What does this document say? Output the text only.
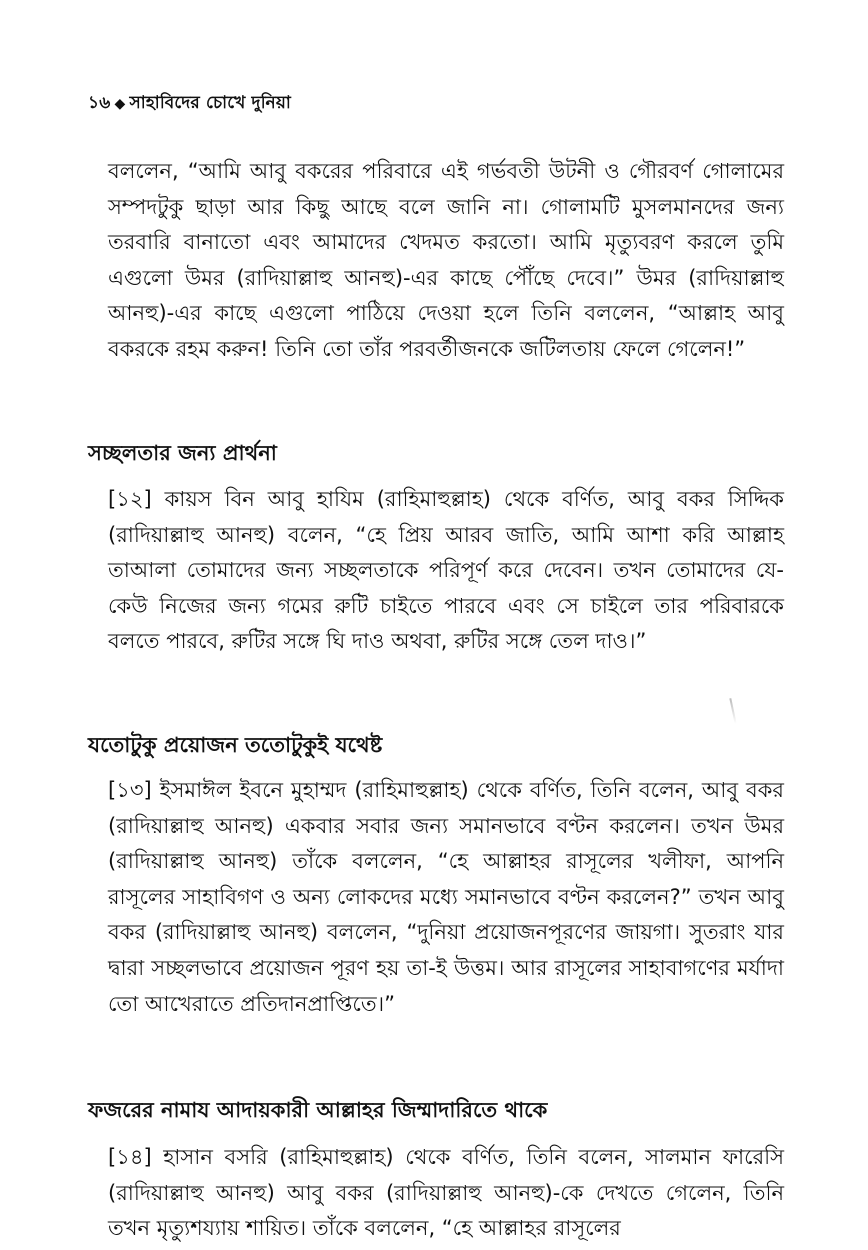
১৬ ◆ সাহাবিদের চোখে দুনিয়া

বললেন, “আমি আবু বকরের পরিবারে এই গর্ভবতী উটনী ও গৌরবর্ণ গোলামের সম্পদটুকু ছাড়া আর কিছু আছে বলে জানি না। গোলামটি মুসলমানদের জন্য তরবারি বানাতো এবং আমাদের খেদমত করতো। আমি মৃত্যুবরণ করলে তুমি এগুলো উমর (রাদিয়াল্লাহু আনহু)-এর কাছে পৌঁছে দেবে।” উমর (রাদিয়াল্লাহু আনহু)-এর কাছে এগুলো পাঠিয়ে দেওয়া হলে তিনি বললেন, “আল্লাহ আবু বকরকে রহম করুন! তিনি তো তাঁর পরবর্তীজনকে জটিলতায় ফেলে গেলেন!”

সচ্ছলতার জন্য প্রার্থনা

[১২] কায়স বিন আবু হাযিম (রাহিমাহুল্লাহ) থেকে বর্ণিত, আবু বকর সিদ্দিক (রাদিয়াল্লাহু আনহু) বলেন, “হে প্রিয় আরব জাতি, আমি আশা করি আল্লাহ তাআলা তোমাদের জন্য সচ্ছলতাকে পরিপূর্ণ করে দেবেন। তখন তোমাদের যে-কেউ নিজের জন্য গমের রুটি চাইতে পারবে এবং সে চাইলে তার পরিবারকে বলতে পারবে, রুটির সঙ্গে ঘি দাও অথবা, রুটির সঙ্গে তেল দাও।”

যতোটুকু প্রয়োজন ততোটুকুই যথেষ্ট

[১৩] ইসমাঈল ইবনে মুহাম্মদ (রাহিমাহুল্লাহ) থেকে বর্ণিত, তিনি বলেন, আবু বকর (রাদিয়াল্লাহু আনহু) একবার সবার জন্য সমানভাবে বণ্টন করলেন। তখন উমর (রাদিয়াল্লাহু আনহু) তাঁকে বললেন, “হে আল্লাহর রাসূলের খলীফা, আপনি রাসূলের সাহাবিগণ ও অন্য লোকদের মধ্যে সমানভাবে বণ্টন করলেন?” তখন আবু বকর (রাদিয়াল্লাহু আনহু) বললেন, “দুনিয়া প্রয়োজনপূরণের জায়গা। সুতরাং যার দ্বারা সচ্ছলভাবে প্রয়োজন পূরণ হয় তা-ই উত্তম। আর রাসূলের সাহাবাগণের মর্যাদা তো আখেরাতে প্রতিদানপ্রাপ্তিতে।”

ফজরের নামায আদায়কারী আল্লাহর জিম্মাদারিতে থাকে

[১৪] হাসান বসরি (রাহিমাহুল্লাহ) থেকে বর্ণিত, তিনি বলেন, সালমান ফারেসি (রাদিয়াল্লাহু আনহু) আবু বকর (রাদিয়াল্লাহু আনহু)-কে দেখতে গেলেন, তিনি তখন মৃত্যুশয্যায় শায়িত। তাঁকে বললেন, “হে আল্লাহর রাসূলের
